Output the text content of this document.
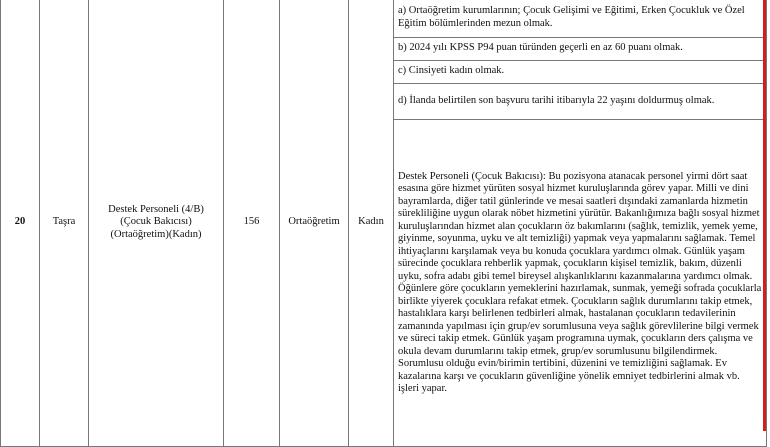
20	Taşra	Destek Personeli (4/B)(Çocuk Bakıcısı)(Ortaöğretim)(Kadın)	156	Ortaöğretim	Kadın	a) Ortaöğretim kurumlarının; Çocuk Gelişimi ve Eğitimi, Erken Çocukluk ve Özel Eğitim bölümlerinden mezun olmak.
b) 2024 yılı KPSS P94 puan türünden geçerli en az 60 puanı olmak.
c) Cinsiyeti kadın olmak.
d) İlanda belirtilen son başvuru tarihi itibarıyla 22 yaşını doldurmuş olmak.
Destek Personeli (Çocuk Bakıcısı): Bu pozisyona atanacak personel yirmi dört saat esasına göre hizmet yürüten sosyal hizmet kuruluşlarında görev yapar. Milli ve dini bayramlarda, diğer tatil günlerinde ve mesai saatleri dışındaki zamanlarda hizmetin sürekliliğine uygun olarak nöbet hizmetini yürütür. Bakanlığımıza bağlı sosyal hizmet kuruluşlarından hizmet alan çocukların öz bakımlarını (sağlık, temizlik, yemek yeme, giyinme, soyunma, uyku ve alt temizliği) yapmak veya yapmalarını sağlamak. Temel ihtiyaçlarını karşılamak veya bu konuda çocuklara yardımcı olmak. Günlük yaşam sürecinde çocuklara rehberlik yapmak, çocukların kişisel temizlik, bakım, düzenli uyku, sofra adabı gibi temel bireysel alışkanlıklarını kazanmalarına yardımcı olmak. Öğünlere göre çocukların yemeklerini hazırlamak, sunmak, yemeği sofrada çocuklarla birlikte yiyerek çocuklara refakat etmek. Çocukların sağlık durumlarını takip etmek, hastalıklara karşı belirlenen tedbirleri almak, hastalanan çocukların tedavilerinin zamanında yapılması için grup/ev sorumlusuna veya sağlık görevlilerine bilgi vermek ve süreci takip etmek. Günlük yaşam programına uymak, çocukların ders çalışma ve okula devam durumlarını takip etmek, grup/ev sorumlusunu bilgilendirmek. Sorumlusu olduğu evin/birimin tertibini, düzenini ve temizliğini sağlamak. Ev kazalarına karşı ve çocukların güvenliğine yönelik emniyet tedbirlerini almak vb. işleri yapar.
